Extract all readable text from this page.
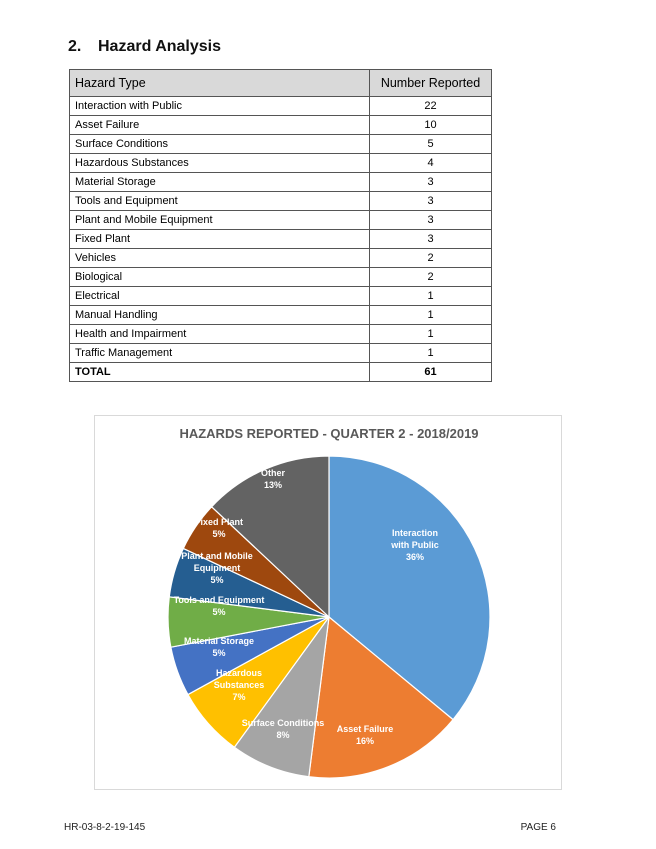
2. Hazard Analysis
Hazard Type	Number Reported
Interaction with Public	22
Asset Failure	10
Surface Conditions	5
Hazardous Substances	4
Material Storage	3
Tools and Equipment	3
Plant and Mobile Equipment	3
Fixed Plant	3
Vehicles	2
Biological	2
Electrical	1
Manual Handling	1
Health and Impairment	1
Traffic Management	1
TOTAL	61
HAZARDS REPORTED - QUARTER 2 - 2018/2019
Interaction with Public 36%
Asset Failure 16%
Surface Conditions 8%
Hazardous Substances 7%
Material Storage 5%
Tools and Equipment 5%
Plant and Mobile Equipment 5%
Fixed Plant 5%
Other 13%
HR-03-8-2-19-145	PAGE 6
